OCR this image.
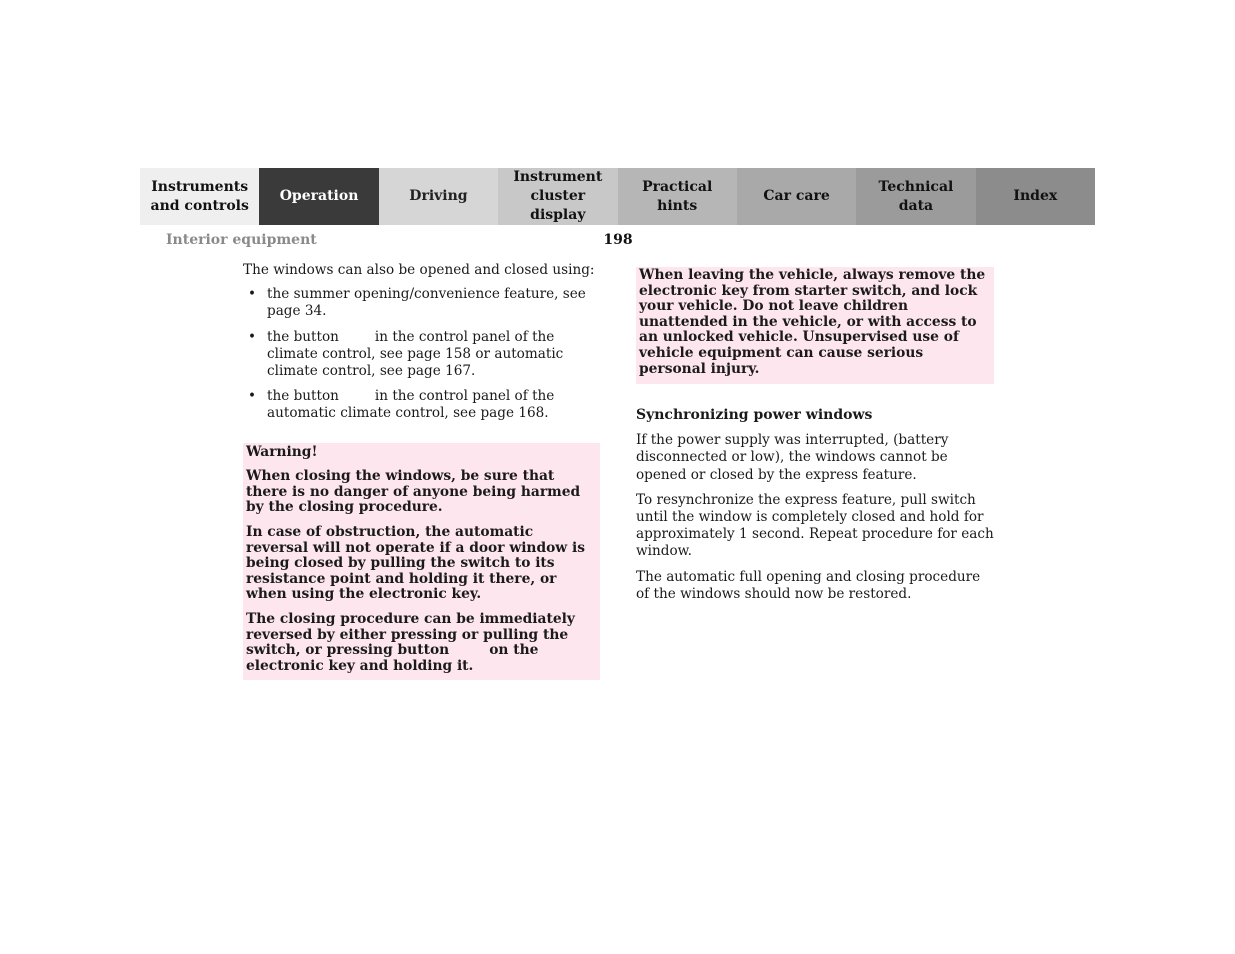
Instruments
and controls
Operation	Driving
Instrument
cluster display
Practical hints
Car care
Technical
data
Index
Interior equipment	198

The windows can also be opened and closed using:

• the summer opening/convenience feature, see page 34.
• the button	in the control panel of the climate control, see page 158 or automatic climate control, see page 167.
• the button	in the control panel of the automatic climate control, see page 168.

Warning!

When closing the windows, be sure that there is no danger of anyone being harmed by the closing procedure.

In case of obstruction, the automatic reversal will not operate if a door window is being closed by pulling the switch to its resistance point and holding it there, or when using the electronic key.

The closing procedure can be immediately reversed by either pressing or pulling the switch, or pressing button	on the electronic key and holding it.

When leaving the vehicle, always remove the electronic key from starter switch, and lock your vehicle. Do not leave children unattended in the vehicle, or with access to an unlocked vehicle. Unsupervised use of vehicle equipment can cause serious personal injury.

Synchronizing power windows

If the power supply was interrupted, (battery disconnected or low), the windows cannot be opened or closed by the express feature.

To resynchronize the express feature, pull switch until the window is completely closed and hold for approximately 1 second. Repeat procedure for each window.

The automatic full opening and closing procedure of the windows should now be restored.
